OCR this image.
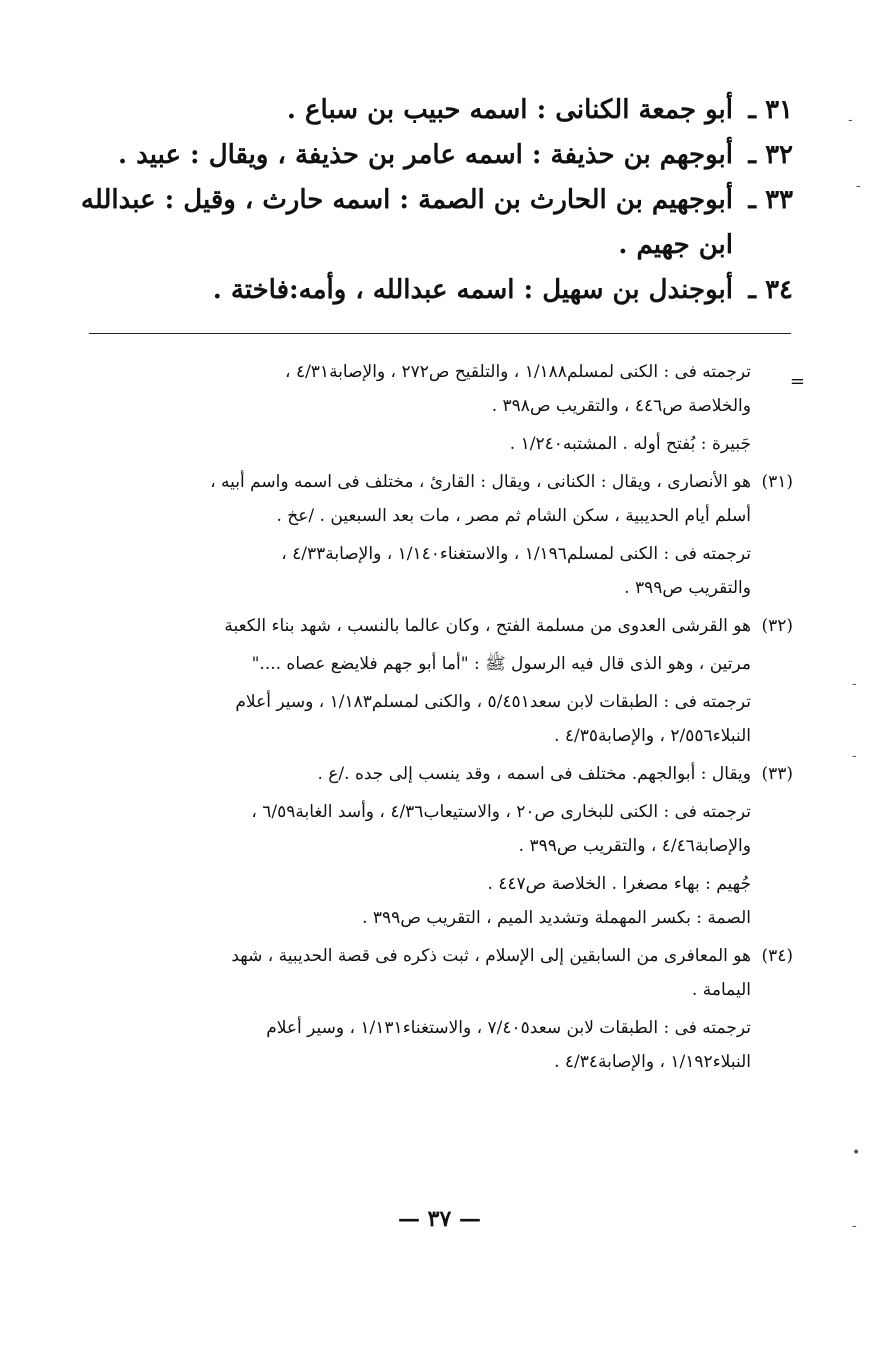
٣١ ـ
أبو جمعة الكنانى : اسمه حبيب بن سباع .
٣٢ ـ
أبوجهم بن حذيفة : اسمه عامر بن حذيفة ، ويقال : عبيد .
٣٣ ـ
أبوجهيم بن الحارث بن الصمة : اسمه حارث ، وقيل : عبدالله
ابن جهيم .
٣٤ ـ
أبوجندل بن سهيل : اسمه عبدالله ، وأمه:فاختة .
=
ترجمته فى : الكنى لمسلم١/١٨٨ ، والتلقيح ص٢٧٢ ، والإصابة٤/٣١ ،
والخلاصة ص٤٤٦ ، والتقريب ص٣٩٨ .
جَبيرة : بُفتح أوله . المشتبه١/٢٤٠ .
(٣١)هو الأنصارى ، ويقال : الكنانى ، ويقال : القارئ ، مختلف فى اسمه واسم أبيه ،
أسلم أيام الحديبية ، سكن الشام ثم مصر ، مات بعد السبعين . /عخ .
ترجمته فى : الكنى لمسلم١/١٩٦ ، والاستغناء١/١٤٠ ، والإصابة٤/٣٣ ،
والتقريب ص٣٩٩ .
(٣٢)هو القرشى العدوى من مسلمة الفتح ، وكان عالما بالنسب ، شهد بناء الكعبة
مرتين ، وهو الذى قال فيه الرسول ﷺ : "أما أبو جهم فلايضع عصاه ...."
ترجمته فى : الطبقات لابن سعد٥/٤٥١ ، والكنى لمسلم١/١٨٣ ، وسير أعلام
النبلاء٢/٥٥٦ ، والإصابة٤/٣٥ .
(٣٣)ويقال : أبوالجهم. مختلف فى اسمه ، وقد ينسب إلى جده ./ع .
ترجمته فى : الكنى للبخارى ص٢٠ ، والاستيعاب٤/٣٦ ، وأسد الغابة٦/٥٩ ،
والإصابة٤/٤٦ ، والتقريب ص٣٩٩ .
جُهيم : بهاء مصغرا . الخلاصة ص٤٤٧ .
الصمة : بكسر المهملة وتشديد الميم ، التقريب ص٣٩٩ .
(٣٤)هو المعافرى من السابقين إلى الإسلام ، ثبت ذكره فى قصة الحديبية ، شهد
اليمامة .
ترجمته فى : الطبقات لابن سعد٧/٤٠٥ ، والاستغناء١/١٣١ ، وسير أعلام
النبلاء١/١٩٢ ، والإصابة٤/٣٤ .
— ٣٧ —
-
-
-
-
•
-
